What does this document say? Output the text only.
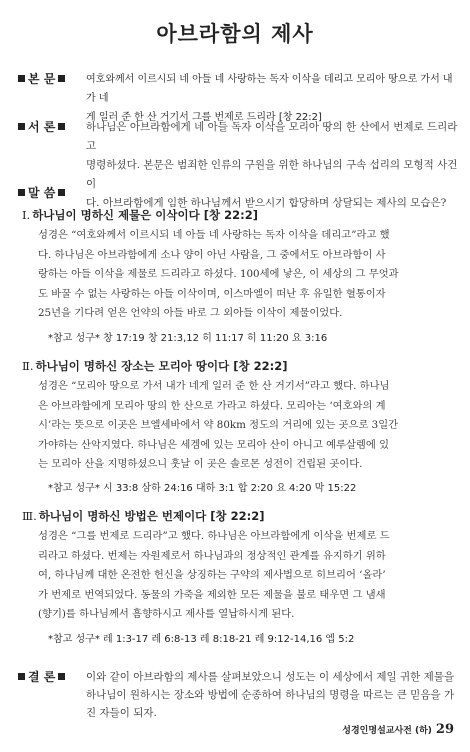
아브라함의 제사
본 문	여호와께서 이르시되 네 아들 네 사랑하는 독자 이삭을 데리고 모리아 땅으로 가서 내가 네
게 일러 준 한 산 거기서 그를 번제로 드리라 [창 22:2]
서 론	하나님은 아브라함에게 네 아들 독자 이삭을 모리아 땅의 한 산에서 번제로 드리라고
명령하셨다. 본문은 범죄한 인류의 구원을 위한 하나님의 구속 섭리의 모형적 사건이
다. 아브라함에게 임한 하나님께서 받으시기 합당하며 상달되는 제사의 모습은?
말 씀
Ⅰ. 하나님이 명하신 제물은 이삭이다 [창 22:2]

성경은 “여호와께서 이르시되 네 아들 네 사랑하는 독자 이삭을 데리고”라고 했

다. 하나님은 아브라함에게 소나 양이 아닌 사람을, 그 중에서도 아브라함이 사

랑하는 아들 이삭을 제물로 드리라고 하셨다. 100세에 낳은, 이 세상의 그 무엇과

도 바꿀 수 없는 사랑하는 아들 이삭이며, 이스마엘이 떠난 후 유일한 혈통이자

25년을 기다려 얻은 언약의 아들 바로 그 외아들 이삭이 제물이었다.

*참고 성구* 창 17:19 창 21:3,12 히 11:17 히 11:20 요 3:16
Ⅱ. 하나님이 명하신 장소는 모리아 땅이다 [창 22:2]

성경은 “모리아 땅으로 가서 내가 네게 일러 준 한 산 거기서”라고 했다. 하나님

은 아브라함에게 모리아 땅의 한 산으로 가라고 하셨다. 모리아는 ‘여호와의 계

시’라는 뜻으로 이곳은 브엘세바에서 약 80km 정도의 거리에 있는 곳으로 3일간

가야하는 산악지였다. 하나님은 세겜에 있는 모리아 산이 아니고 예루살렘에 있

는 모리아 산을 지명하셨으니 훗날 이 곳은 솔로몬 성전이 건립된 곳이다.

*참고 성구* 시 33:8 삼하 24:16 대하 3:1 합 2:20 요 4:20 막 15:22
Ⅲ. 하나님이 명하신 방법은 번제이다 [창 22:2]

성경은 “그를 번제로 드리라”고 했다. 하나님은 아브라함에게 이삭을 번제로 드

리라고 하셨다. 번제는 자원제로서 하나님과의 정상적인 관계를 유지하기 위하

여, 하나님께 대한 온전한 헌신을 상징하는 구약의 제사법으로 히브리어 ‘올라’

가 번제로 번역되었다. 동물의 가죽을 제외한 모든 제물을 불로 태우면 그 냄새

(향기)를 하나님께서 흠향하시고 제사를 열납하시게 된다.

*참고 성구* 레 1:3-17 레 6:8-13 레 8:18-21 레 9:12-14,16 엡 5:2
결 론	이와 같이 아브라함의 제사를 살펴보았으니 성도는 이 세상에서 제일 귀한 제물을
하나님이 원하시는 장소와 방법에 순종하여 하나님의 명령을 따르는 큰 믿음을 가
진 자들이 되자.
성경인명설교사전 (하) 29
